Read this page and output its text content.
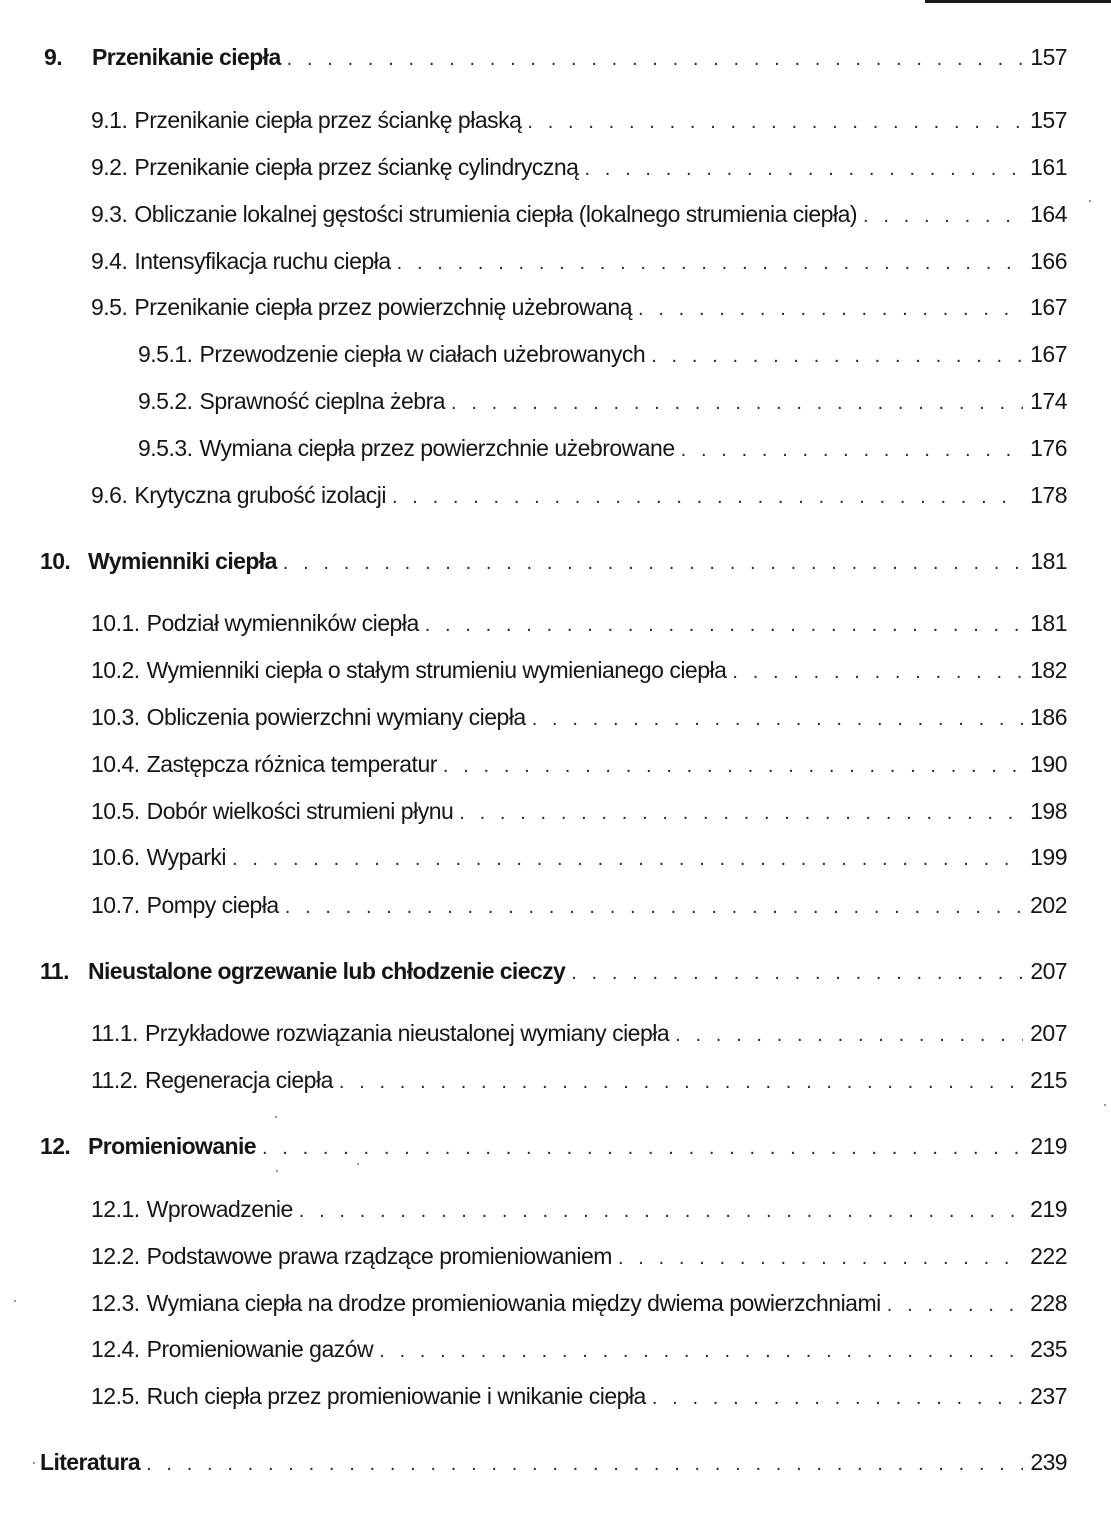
9.	Przenikanie ciepła . . .	157
9.1. Przenikanie ciepła przez ściankę płaską . . .	157
9.2. Przenikanie ciepła przez ściankę cylindryczną . . .	161
9.3. Obliczanie lokalnej gęstości strumienia ciepła (lokalnego strumienia ciepła) . . .	164
9.4. Intensyfikacja ruchu ciepła . . .	166
9.5. Przenikanie ciepła przez powierzchnię użebrowaną . . .	167
9.5.1. Przewodzenie ciepła w ciałach użebrowanych . . .	167
9.5.2. Sprawność cieplna żebra . . .	174
9.5.3. Wymiana ciepła przez powierzchnie użebrowane . . .	176
9.6. Krytyczna grubość izolacji . . .	178
10. Wymienniki ciepła . . .	181
10.1. Podział wymienników ciepła . . .	181
10.2. Wymienniki ciepła o stałym strumieniu wymienianego ciepła . . .	182
10.3. Obliczenia powierzchni wymiany ciepła . . .	186
10.4. Zastępcza różnica temperatur . . .	190
10.5. Dobór wielkości strumieni płynu . . .	198
10.6. Wyparki . . .	199
10.7. Pompy ciepła . . .	202
11. Nieustalone ogrzewanie lub chłodzenie cieczy . . .	207
11.1. Przykładowe rozwiązania nieustalonej wymiany ciepła . . .	207
11.2. Regeneracja ciepła . . .	215
12. Promieniowanie . . .	219
12.1. Wprowadzenie . . .	219
12.2. Podstawowe prawa rządzące promieniowaniem . . .	222
12.3. Wymiana ciepła na drodze promieniowania między dwiema powierzchniami . . .	228
12.4. Promieniowanie gazów . . .	235
12.5. Ruch ciepła przez promieniowanie i wnikanie ciepła . . .	237
Literatura . . .	239
